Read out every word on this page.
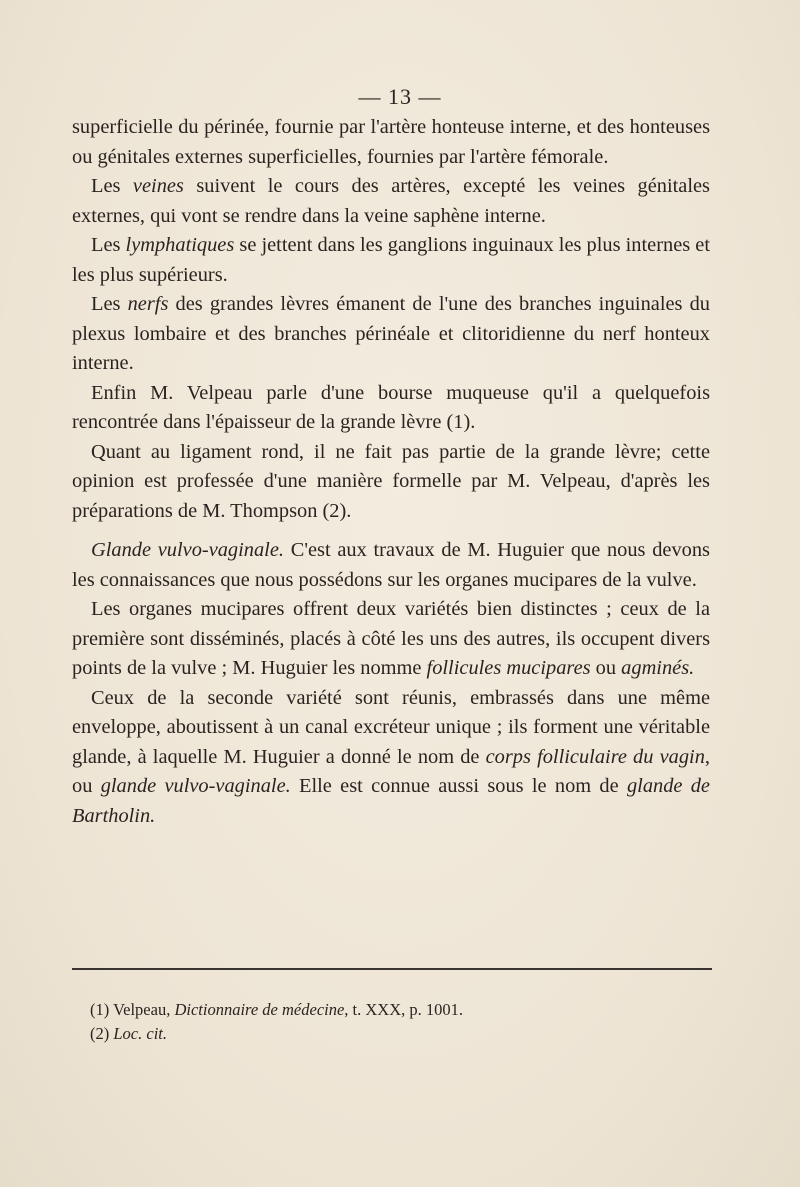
— 13 —

superficielle du périnée, fournie par l'artère honteuse interne, et des honteuses ou génitales externes superficielles, fournies par l'artère fémorale.

Les veines suivent le cours des artères, excepté les veines génitales externes, qui vont se rendre dans la veine saphène interne.

Les lymphatiques se jettent dans les ganglions inguinaux les plus internes et les plus supérieurs.

Les nerfs des grandes lèvres émanent de l'une des branches inguinales du plexus lombaire et des branches périnéale et clitoridienne du nerf honteux interne.

Enfin M. Velpeau parle d'une bourse muqueuse qu'il a quelquefois rencontrée dans l'épaisseur de la grande lèvre (1).

Quant au ligament rond, il ne fait pas partie de la grande lèvre; cette opinion est professée d'une manière formelle par M. Velpeau, d'après les préparations de M. Thompson (2).

Glande vulvo-vaginale. C'est aux travaux de M. Huguier que nous devons les connaissances que nous possédons sur les organes mucipares de la vulve.

Les organes mucipares offrent deux variétés bien distinctes ; ceux de la première sont disséminés, placés à côté les uns des autres, ils occupent divers points de la vulve ; M. Huguier les nomme follicules mucipares ou agminés.

Ceux de la seconde variété sont réunis, embrassés dans une même enveloppe, aboutissent à un canal excréteur unique ; ils forment une véritable glande, à laquelle M. Huguier a donné le nom de corps folliculaire du vagin, ou glande vulvo-vaginale. Elle est connue aussi sous le nom de glande de Bartholin.

(1) Velpeau, Dictionnaire de médecine, t. XXX, p. 1001.
(2) Loc. cit.
